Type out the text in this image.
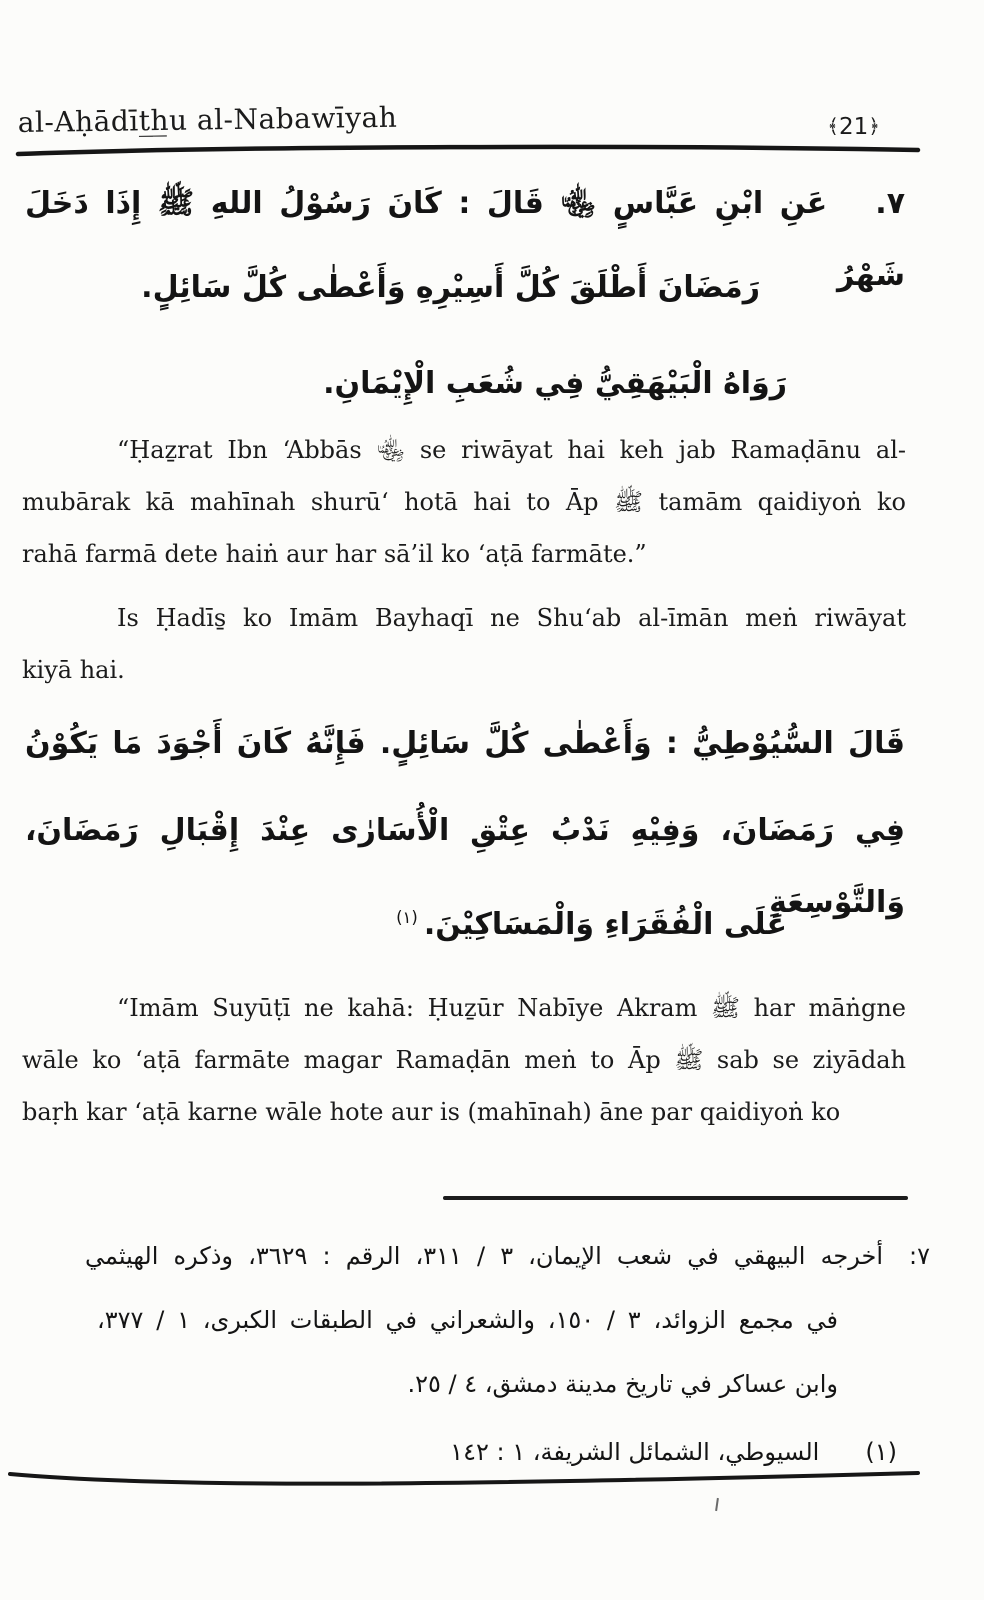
al-Aḥādīt̲h̲u al-Nabawīyah	﴾21﴿
٧.عَنِ ابْنِ عَبَّاسٍ ﵄ قَالَ : كَانَ رَسُوْلُ اللهِ ﷺ إِذَا دَخَلَ شَهْرُ
رَمَضَانَ أَطْلَقَ كُلَّ أَسِيْرِهِ وَأَعْطٰى كُلَّ سَائِلٍ.
رَوَاهُ الْبَيْهَقِيُّ فِي شُعَبِ الْإِيْمَانِ.
“Ḥaẕrat Ibn ‘Abbās ﵄ se riwāyat hai keh jab Ramaḍānu al-
mubārak kā mahīnah shurū‘ hotā hai to Āp ﷺ tamām qaidiyoṅ ko
rahā farmā dete haiṅ aur har sā’il ko ‘aṭā farmāte.”
Is Ḥadīs̱ ko Imām Bayhaqī ne Shu‘ab al-īmān meṅ riwāyat
kiyā hai.
قَالَ السُّيُوْطِيُّ : وَأَعْطٰى كُلَّ سَائِلٍ. فَإِنَّهُ كَانَ أَجْوَدَ مَا يَكُوْنُ
فِي رَمَضَانَ، وَفِيْهِ نَدْبُ عِتْقِ الْأُسَارٰى عِنْدَ إِقْبَالِ رَمَضَانَ، وَالتَّوْسِعَةِ
عَلَى الْفُقَرَاءِ وَالْمَسَاكِيْنَ.$^{(١)}$
“Imām Suyūṭī ne kahā: Ḥuẕūr Nabīye Akram ﷺ har māṅgne
wāle ko ‘aṭā farmāte magar Ramaḍān meṅ to Āp ﷺ sab se ziyādah
baṛh kar ‘aṭā karne wāle hote aur is (mahīnah) āne par qaidiyoṅ ko
٧:أخرجه البيهقي في شعب الإيمان، ٣ / ٣١١، الرقم : ٣٦٢٩، وذكره الهيثمي
في مجمع الزوائد، ٣ / ١٥٠، والشعراني في الطبقات الكبرى، ١ / ٣٧٧،
وابن عساكر في تاريخ مدينة دمشق، ٤ / ٢٥.
(١)السيوطي، الشمائل الشريفة، ١ : ١٤٢
